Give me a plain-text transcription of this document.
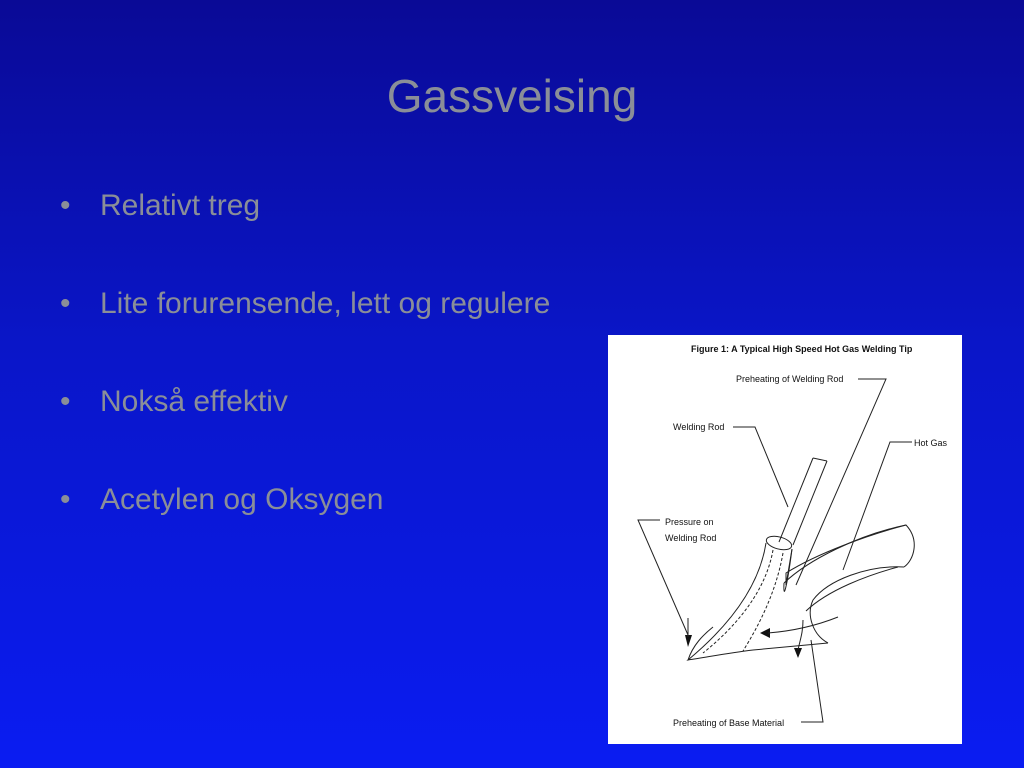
Gassveising
• Relativt treg
• Lite forurensende, lett og regulere
• Nokså effektiv
• Acetylen og Oksygen
Figure 1: A Typical High Speed Hot Gas Welding Tip
Preheating of Welding Rod
Welding Rod
Hot Gas
Pressure on
Welding Rod
Preheating of Base Material
